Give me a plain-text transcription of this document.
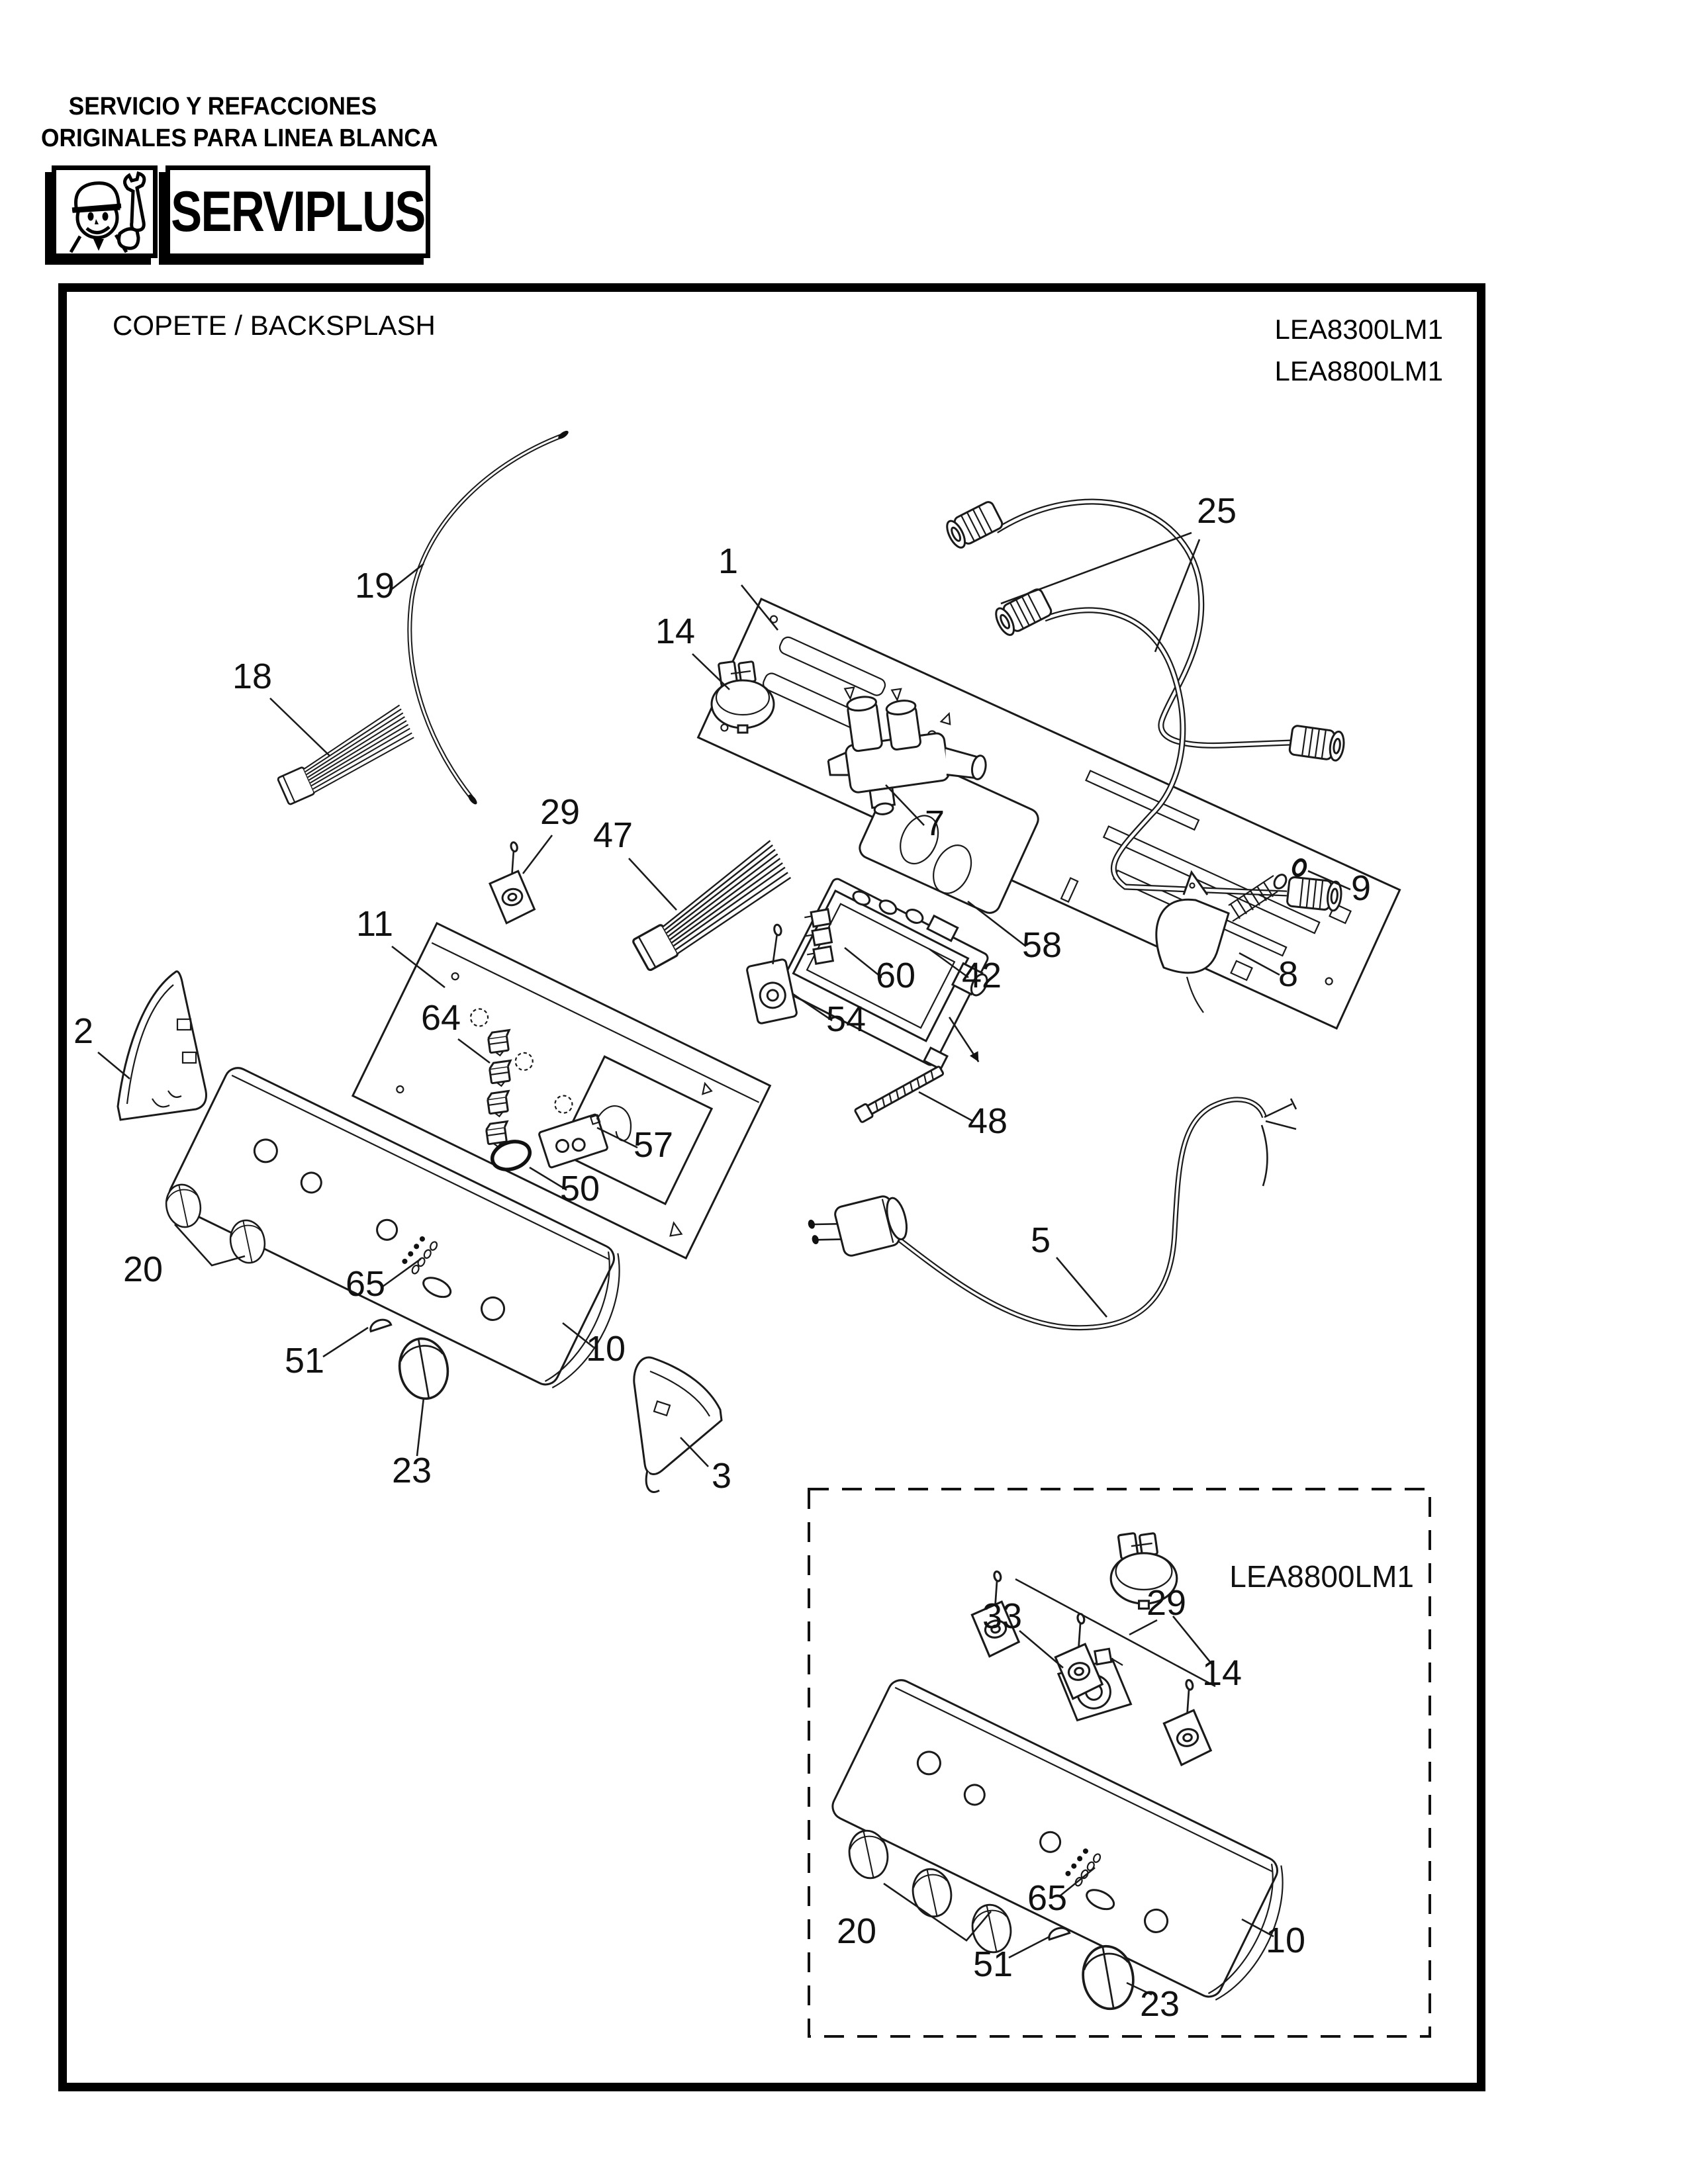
SERVICIO Y REFACCIONES
ORIGINALES PARA LINEA BLANCA
SERVIPLUS
COPETE / BACKSPLASH	LEA8300LM1
LEA8800LM1
25
19
18
1
14
29
47	7
11
9
58
8
2
60 42
54
64
48
57
50
20	65
51	10
5
23	3
LEA8800LM1
33
14
29
20
65
51
10
23
